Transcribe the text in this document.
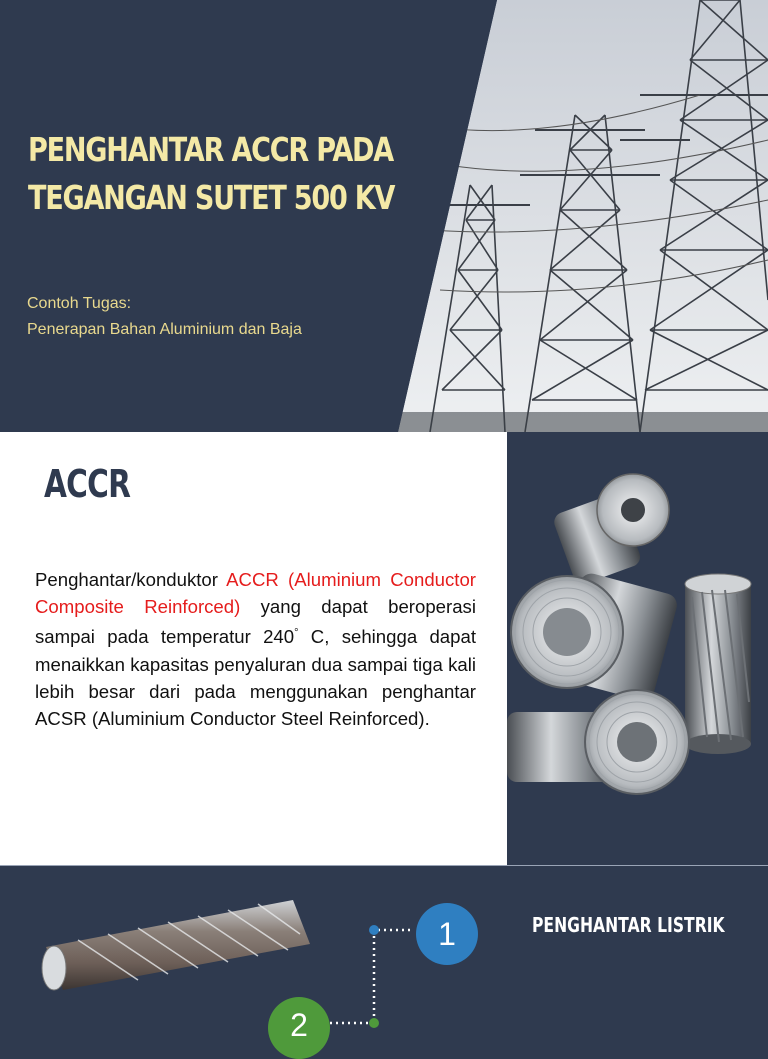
PENGHANTAR ACCR PADA
TEGANGAN SUTET 500 KV
Contoh Tugas:
Penerapan Bahan Aluminium dan Baja
ACCR
Penghantar/konduktor ACCR (Aluminium Conductor Composite Reinforced) yang dapat beroperasi sampai pada temperatur 240° C, sehingga dapat menaikkan kapasitas penyaluran dua sampai tiga kali lebih besar dari pada menggunakan penghantar ACSR (Aluminium Conductor Steel Reinforced).
1
2
PENGHANTAR LISTRIK
